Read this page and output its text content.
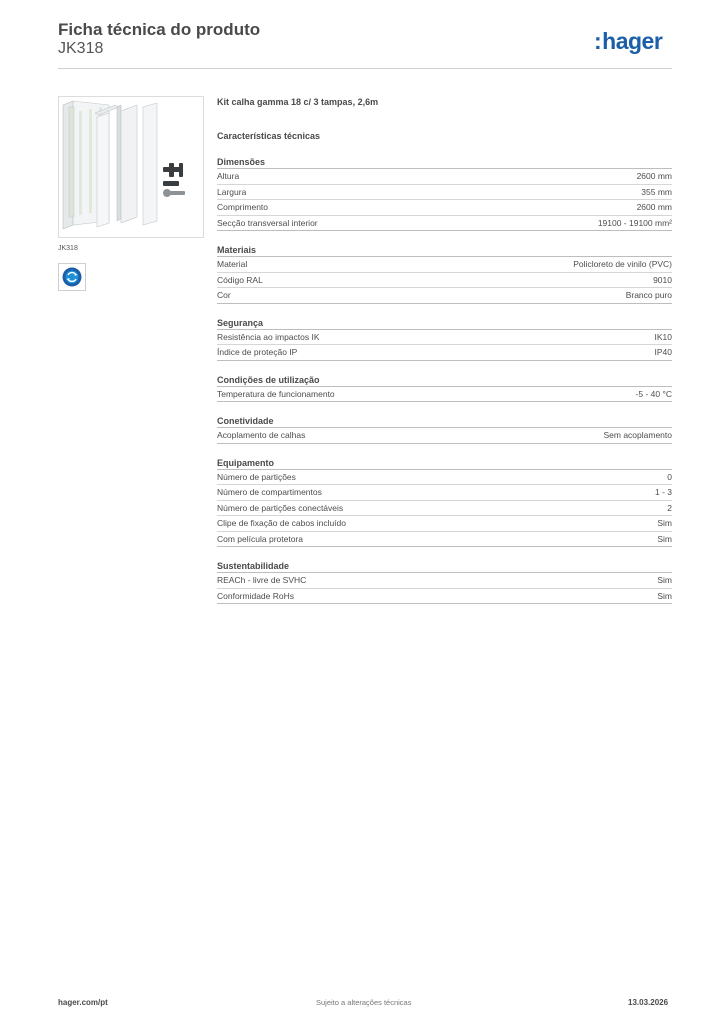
Ficha técnica do produto
JK318	:hager
JK318
Kit calha gamma 18 c/ 3 tampas, 2,6m
Características técnicas
Dimensões
Altura	2600 mm
Largura	355 mm
Comprimento	2600 mm
Secção transversal interior	19100 - 19100 mm²
Materiais
Material	Policloreto de vinilo (PVC)
Código RAL	9010
Cor	Branco puro
Segurança
Resistência ao impactos IK	IK10
Índice de proteção IP	IP40
Condições de utilização
Temperatura de funcionamento	-5 - 40 °C
Conetividade
Acoplamento de calhas	Sem acoplamento
Equipamento
Número de partições	0
Número de compartimentos	1 - 3
Número de partições conectáveis	2
Clipe de fixação de cabos incluído	Sim
Com película protetora	Sim
Sustentabilidade
REACh - livre de SVHC	Sim
Conformidade RoHs	Sim
hager.com/pt	Sujeito a alterações técnicas	13.03.2026
